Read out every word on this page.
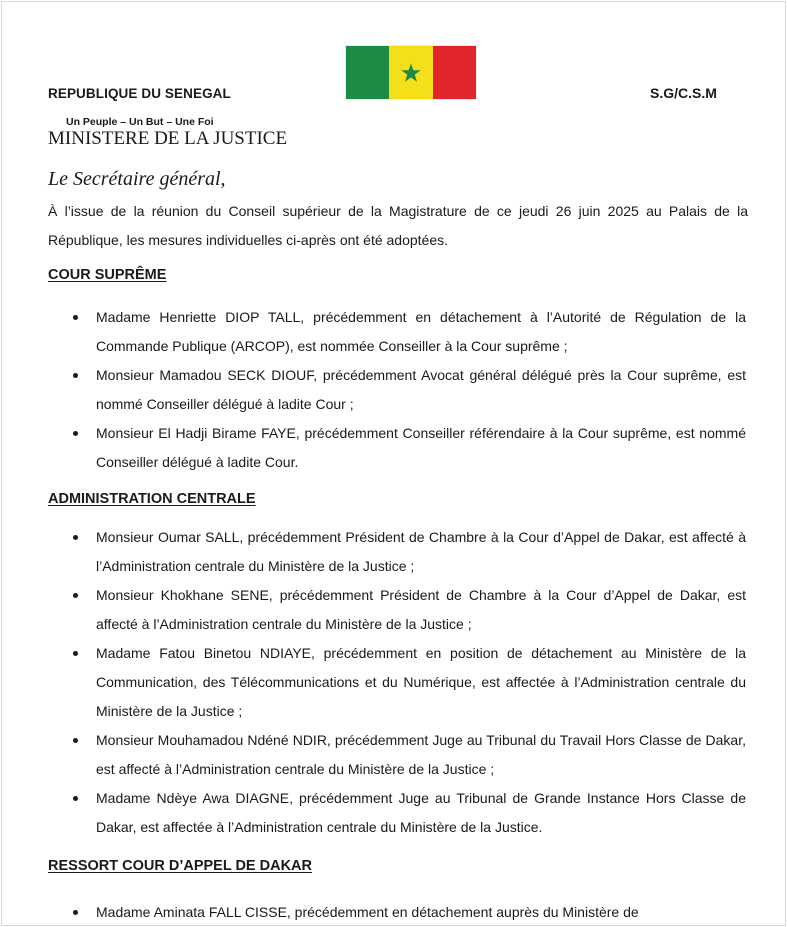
REPUBLIQUE DU SENEGAL	S.G/C.S.M
Un Peuple – Un But – Une Foi
MINISTERE DE LA JUSTICE
Le Secrétaire général,
À l’issue de la réunion du Conseil supérieur de la Magistrature de ce jeudi 26 juin 2025 au Palais de la République, les mesures individuelles ci-après ont été adoptées.
COUR SUPRÊME
Madame Henriette DIOP TALL, précédemment en détachement à l’Autorité de Régulation de la Commande Publique (ARCOP), est nommée Conseiller à la Cour suprême ;
Monsieur Mamadou SECK DIOUF, précédemment Avocat général délégué près la Cour suprême, est nommé Conseiller délégué à ladite Cour ;
Monsieur El Hadji Birame FAYE, précédemment Conseiller référendaire à la Cour suprême, est nommé Conseiller délégué à ladite Cour.
ADMINISTRATION CENTRALE
Monsieur Oumar SALL, précédemment Président de Chambre à la Cour d’Appel de Dakar, est affecté à l’Administration centrale du Ministère de la Justice ;
Monsieur Khokhane SENE, précédemment Président de Chambre à la Cour d’Appel de Dakar, est affecté à l’Administration centrale du Ministère de la Justice ;
Madame Fatou Binetou NDIAYE, précédemment en position de détachement au Ministère de la Communication, des Télécommunications et du Numérique, est affectée à l’Administration centrale du Ministère de la Justice ;
Monsieur Mouhamadou Ndéné NDIR, précédemment Juge au Tribunal du Travail Hors Classe de Dakar, est affecté à l’Administration centrale du Ministère de la Justice ;
Madame Ndèye Awa DIAGNE, précédemment Juge au Tribunal de Grande Instance Hors Classe de Dakar, est affectée à l’Administration centrale du Ministère de la Justice.
RESSORT COUR D’APPEL DE DAKAR
Madame Aminata FALL CISSE, précédemment en détachement auprès du Ministère de
